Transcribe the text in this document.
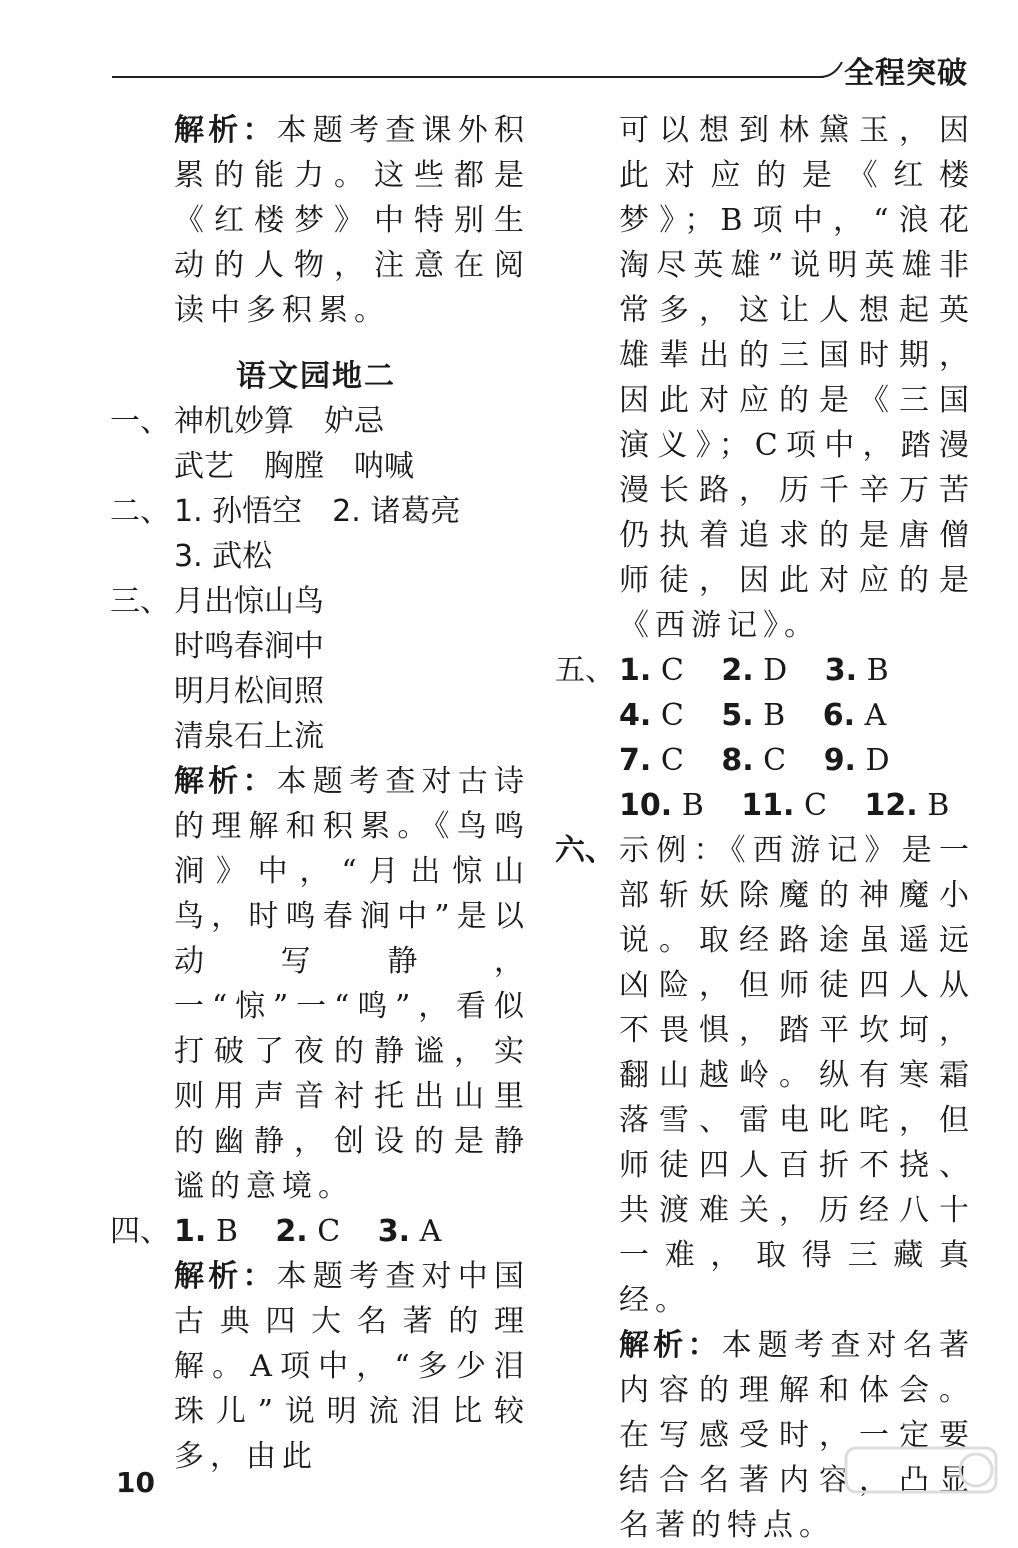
全程突破
解析：本题考查课外积累的能力。这些都是《红楼梦》中特别生动的人物，注意在阅读中多积累。
语文园地二
一、 神机妙算　妒忌
武艺　胸膛　呐喊
二、 1. 孙悟空　2. 诸葛亮
3. 武松
三、 月出惊山鸟
时鸣春涧中
明月松间照
清泉石上流
解析：本题考查对古诗的理解和积累。《鸟鸣涧》中，“月出惊山鸟，时鸣春涧中”是以动写静，一“惊”一“鸣”，看似打破了夜的静谧，实则用声音衬托出山里的幽静，创设的是静谧的意境。
四、 1. B 2. C 3. A
解析：本题考查对中国古典四大名著的理解。A项中，“多少泪珠儿”说明流泪比较多，由此
可以想到林黛玉，因此对应的是《红楼梦》；B项中，“浪花淘尽英雄”说明英雄非常多，这让人想起英雄辈出的三国时期，因此对应的是《三国演义》；C项中，踏漫漫长路，历千辛万苦仍执着追求的是唐僧师徒，因此对应的是《西游记》。
五、 1. C 2. D 3. B
4. C 5. B 6. A
7. C 8. C 9. D
10. B 11. C 12. B
六、 示例：《西游记》是一部斩妖除魔的神魔小说。取经路途虽遥远凶险，但师徒四人从不畏惧，踏平坎坷，翻山越岭。纵有寒霜落雪、雷电叱咤，但师徒四人百折不挠、共渡难关，历经八十一难，取得三藏真经。
解析：本题考查对名著内容的理解和体会。在写感受时，一定要结合名著内容，凸显名著的特点。
10
